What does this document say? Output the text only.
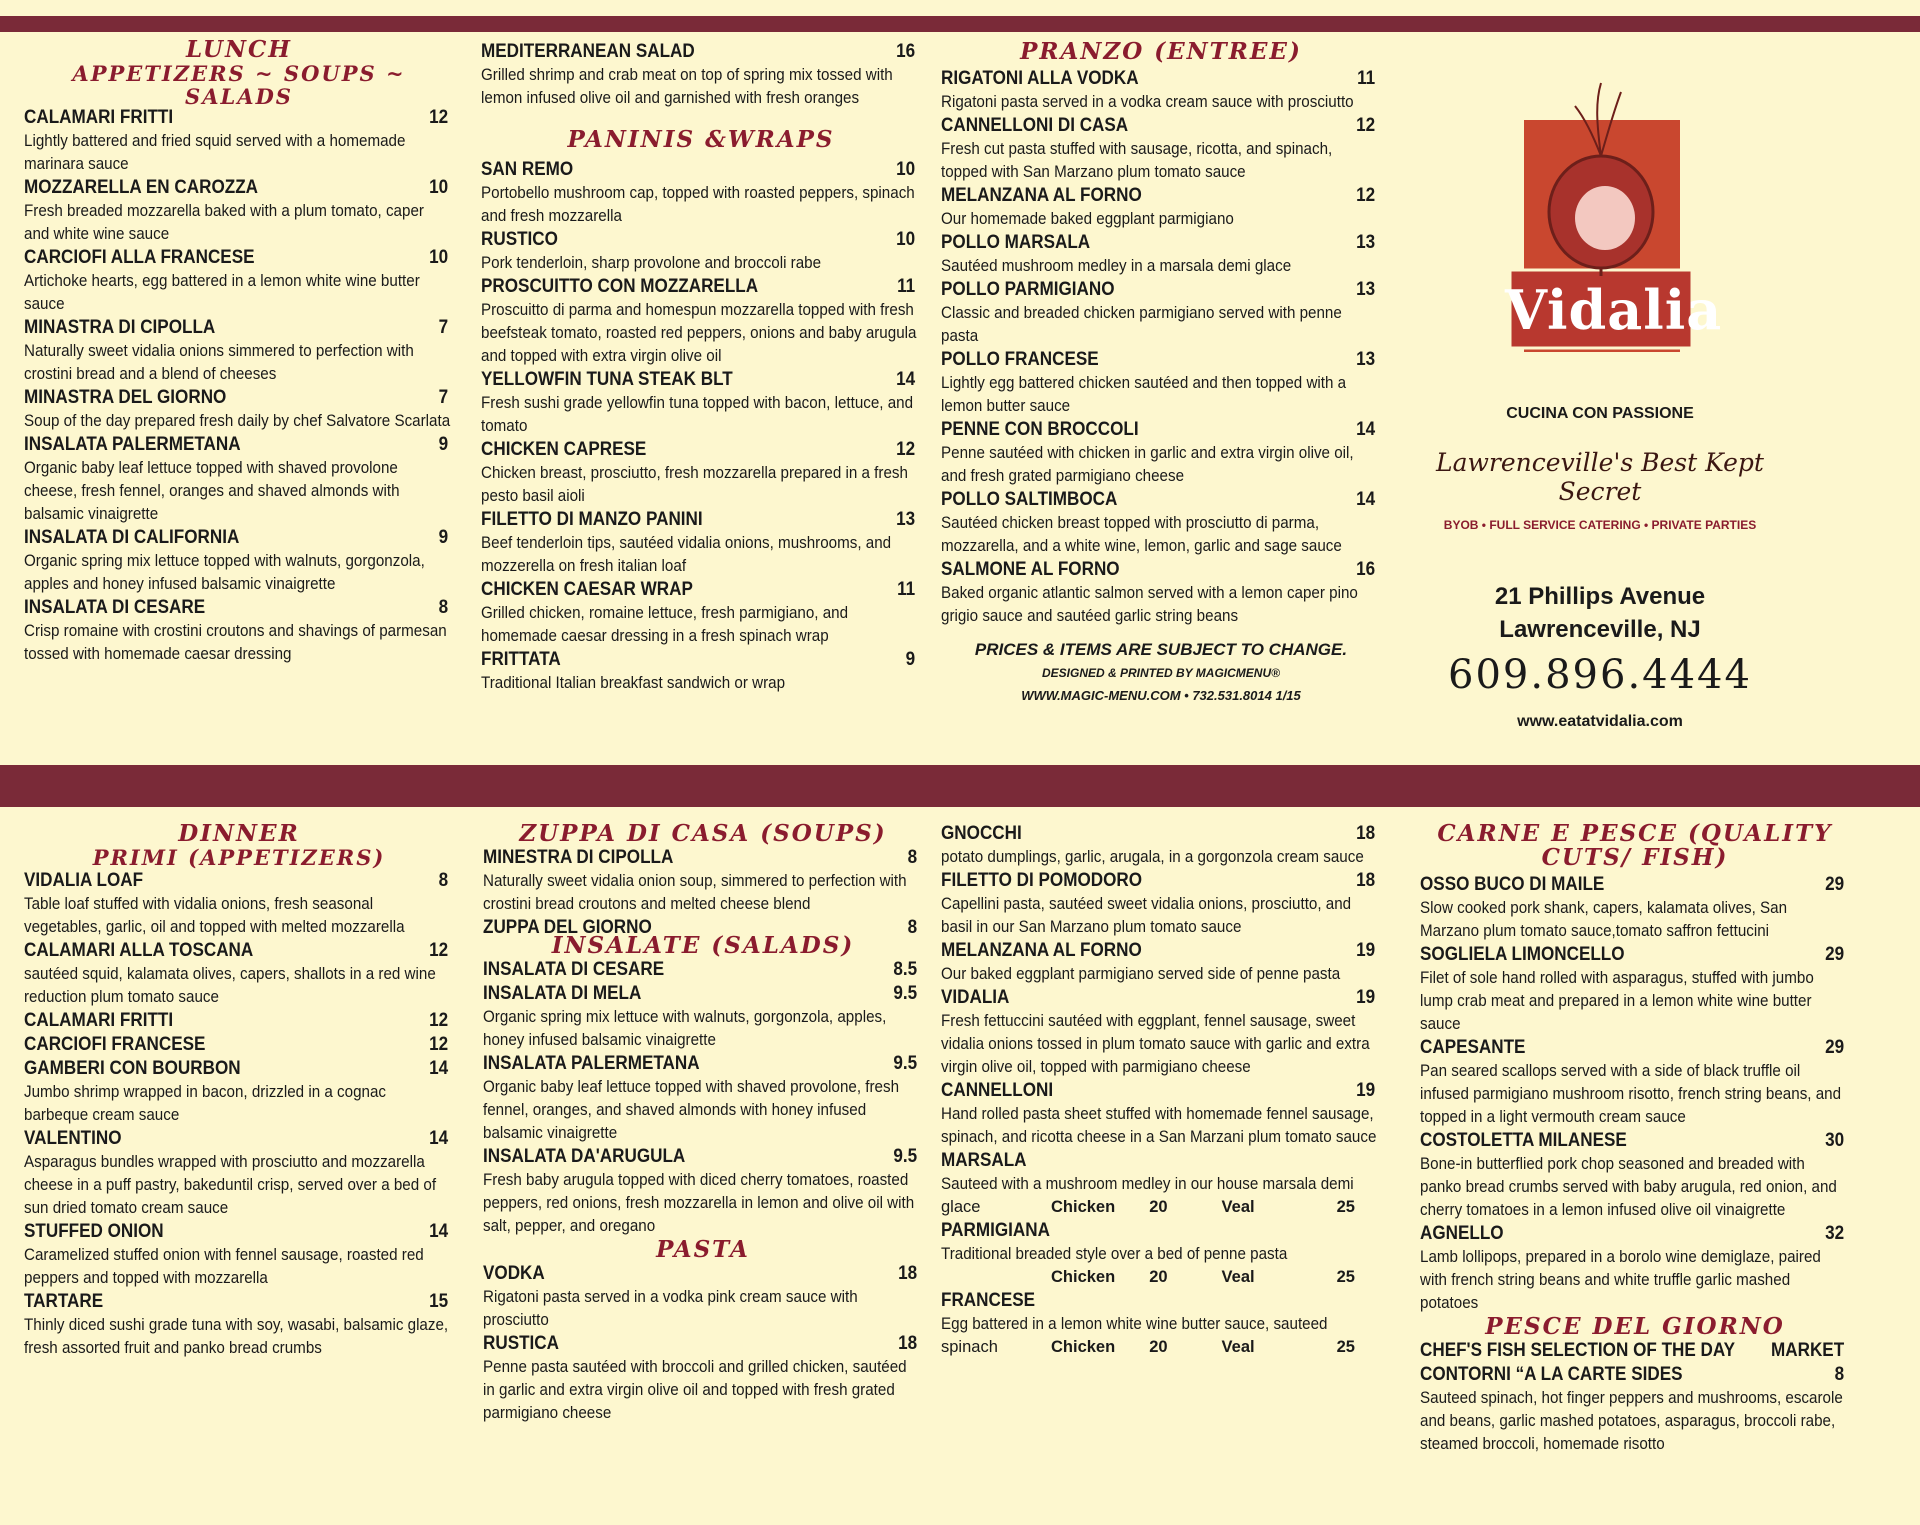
LUNCH
APPETIZERS ~ SOUPS ~ SALADS
CALAMARI FRITTI	12
Lightly battered and fried squid served with a homemade marinara sauce
MOZZARELLA EN CAROZZA	10
Fresh breaded mozzarella baked with a plum tomato, caper and white wine sauce
CARCIOFI ALLA FRANCESE	10
Artichoke hearts, egg battered in a lemon white wine butter sauce
MINASTRA DI CIPOLLA	7
Naturally sweet vidalia onions simmered to perfection with crostini bread and a blend of cheeses
MINASTRA DEL GIORNO	7
Soup of the day prepared fresh daily by chef Salvatore Scarlata
INSALATA PALERMETANA	9
Organic baby leaf lettuce topped with shaved provolone cheese, fresh fennel, oranges and shaved almonds with balsamic vinaigrette
INSALATA DI CALIFORNIA	9
Organic spring mix lettuce topped with walnuts, gorgonzola, apples and honey infused balsamic vinaigrette
INSALATA DI CESARE	8
Crisp romaine with crostini croutons and shavings of parmesan tossed with homemade caesar dressing
MEDITERRANEAN SALAD	16
Grilled shrimp and crab meat on top of spring mix tossed with lemon infused olive oil and garnished with fresh oranges
PANINIS &WRAPS
SAN REMO	10
Portobello mushroom cap, topped with roasted peppers, spinach and fresh mozzarella
RUSTICO	10
Pork tenderloin, sharp provolone and broccoli rabe
PROSCUITTO CON MOZZARELLA	11
Proscuitto di parma and homespun mozzarella topped with fresh beefsteak tomato, roasted red peppers, onions and baby arugula and topped with extra virgin olive oil
YELLOWFIN TUNA STEAK BLT	14
Fresh sushi grade yellowfin tuna topped with bacon, lettuce, and tomato
CHICKEN CAPRESE	12
Chicken breast, prosciutto, fresh mozzarella prepared in a fresh pesto basil aioli
FILETTO DI MANZO PANINI	13
Beef tenderloin tips, sautéed vidalia onions, mushrooms, and mozzerella on fresh italian loaf
CHICKEN CAESAR WRAP	11
Grilled chicken, romaine lettuce, fresh parmigiano, and homemade caesar dressing in a fresh spinach wrap
FRITTATA	9
Traditional Italian breakfast sandwich or wrap
PRANZO (ENTREE)
RIGATONI ALLA VODKA	11
Rigatoni pasta served in a vodka cream sauce with prosciutto
CANNELLONI DI CASA	12
Fresh cut pasta stuffed with sausage, ricotta, and spinach, topped with San Marzano plum tomato sauce
MELANZANA AL FORNO	12
Our homemade baked eggplant parmigiano
POLLO MARSALA	13
Sautéed mushroom medley in a marsala demi glace
POLLO PARMIGIANO	13
Classic and breaded chicken parmigiano served with penne pasta
POLLO FRANCESE	13
Lightly egg battered chicken sautéed and then topped with a lemon butter sauce
PENNE CON BROCCOLI	14
Penne sautéed with chicken in garlic and extra virgin olive oil, and fresh grated parmigiano cheese
POLLO SALTIMBOCA	14
Sautéed chicken breast topped with prosciutto di parma, mozzarella, and a white wine, lemon, garlic and sage sauce
SALMONE AL FORNO	16
Baked organic atlantic salmon served with a lemon caper pino grigio sauce and sautéed garlic string beans
PRICES & ITEMS ARE SUBJECT TO CHANGE.
DESIGNED & PRINTED BY MAGICMENU®
WWW.MAGIC-MENU.COM • 732.531.8014 1/15
Vidalia
CUCINA CON PASSIONE
Lawrenceville's Best Kept Secret
BYOB • FULL SERVICE CATERING • PRIVATE PARTIES
21 Phillips Avenue
Lawrenceville, NJ
609.896.4444
www.eatatvidalia.com
DINNER
PRIMI (APPETIZERS)
VIDALIA LOAF	8
Table loaf stuffed with vidalia onions, fresh seasonal vegetables, garlic, oil and topped with melted mozzarella
CALAMARI ALLA TOSCANA	12
sautéed squid, kalamata olives, capers, shallots in a red wine reduction plum tomato sauce
CALAMARI FRITTI	12
CARCIOFI FRANCESE	12
GAMBERI CON BOURBON	14
Jumbo shrimp wrapped in bacon, drizzled in a cognac barbeque cream sauce
VALENTINO	14
Asparagus bundles wrapped with prosciutto and mozzarella cheese in a puff pastry, bakeduntil crisp, served over a bed of sun dried tomato cream sauce
STUFFED ONION	14
Caramelized stuffed onion with fennel sausage, roasted red peppers and topped with mozzarella
TARTARE	15
Thinly diced sushi grade tuna with soy, wasabi, balsamic glaze, fresh assorted fruit and panko bread crumbs
ZUPPA DI CASA (SOUPS)
MINESTRA DI CIPOLLA	8
Naturally sweet vidalia onion soup, simmered to perfection with crostini bread croutons and melted cheese blend
ZUPPA DEL GIORNO	8
INSALATE (SALADS)
INSALATA DI CESARE	8.5
INSALATA DI MELA	9.5
Organic spring mix lettuce with walnuts, gorgonzola, apples, honey infused balsamic vinaigrette
INSALATA PALERMETANA	9.5
Organic baby leaf lettuce topped with shaved provolone, fresh fennel, oranges, and shaved almonds with honey infused balsamic vinaigrette
INSALATA DA'ARUGULA	9.5
Fresh baby arugula topped with diced cherry tomatoes, roasted peppers, red onions, fresh mozzarella in lemon and olive oil with salt, pepper, and oregano
PASTA
VODKA	18
Rigatoni pasta served in a vodka pink cream sauce with prosciutto
RUSTICA	18
Penne pasta sautéed with broccoli and grilled chicken, sautéed in garlic and extra virgin olive oil and topped with fresh grated parmigiano cheese
GNOCCHI	18
potato dumplings, garlic, arugala, in a gorgonzola cream sauce
FILETTO DI POMODORO	18
Capellini pasta, sautéed sweet vidalia onions, prosciutto, and basil in our San Marzano plum tomato sauce
MELANZANA AL FORNO	19
Our baked eggplant parmigiano served side of penne pasta
VIDALIA	19
Fresh fettuccini sautéed with eggplant, fennel sausage, sweet vidalia onions tossed in plum tomato sauce with garlic and extra virgin olive oil, topped with parmigiano cheese
CANNELLONI	19
Hand rolled pasta sheet stuffed with homemade fennel sausage, spinach, and ricotta cheese in a San Marzani plum tomato sauce
MARSALA
Sauteed with a mushroom medley in our house marsala demi
glace	Chicken 20	Veal	25
PARMIGIANA
Traditional breaded style over a bed of penne pasta
Chicken 20	Veal	25
FRANCESE
Egg battered in a lemon white wine butter sauce, sauteed
spinach	Chicken 20	Veal	25
CARNE E PESCE (QUALITY CUTS/ FISH)
OSSO BUCO DI MAILE	29
Slow cooked pork shank, capers, kalamata olives, San Marzano plum tomato sauce,tomato saffron fettucini
SOGLIELA LIMONCELLO	29
Filet of sole hand rolled with asparagus, stuffed with jumbo lump crab meat and prepared in a lemon white wine butter sauce
CAPESANTE	29
Pan seared scallops served with a side of black truffle oil infused parmigiano mushroom risotto, french string beans, and topped in a light vermouth cream sauce
COSTOLETTA MILANESE	30
Bone-in butterflied pork chop seasoned and breaded with panko bread crumbs served with baby arugula, red onion, and cherry tomatoes in a lemon infused olive oil vinaigrette
AGNELLO	32
Lamb lollipops, prepared in a borolo wine demiglaze, paired with french string beans and white truffle garlic mashed potatoes
PESCE DEL GIORNO
CHEF'S FISH SELECTION OF THE DAY MARKET
CONTORNI “A LA CARTE SIDES	8
Sauteed spinach, hot finger peppers and mushrooms, escarole and beans, garlic mashed potatoes, asparagus, broccoli rabe, steamed broccoli, homemade risotto
